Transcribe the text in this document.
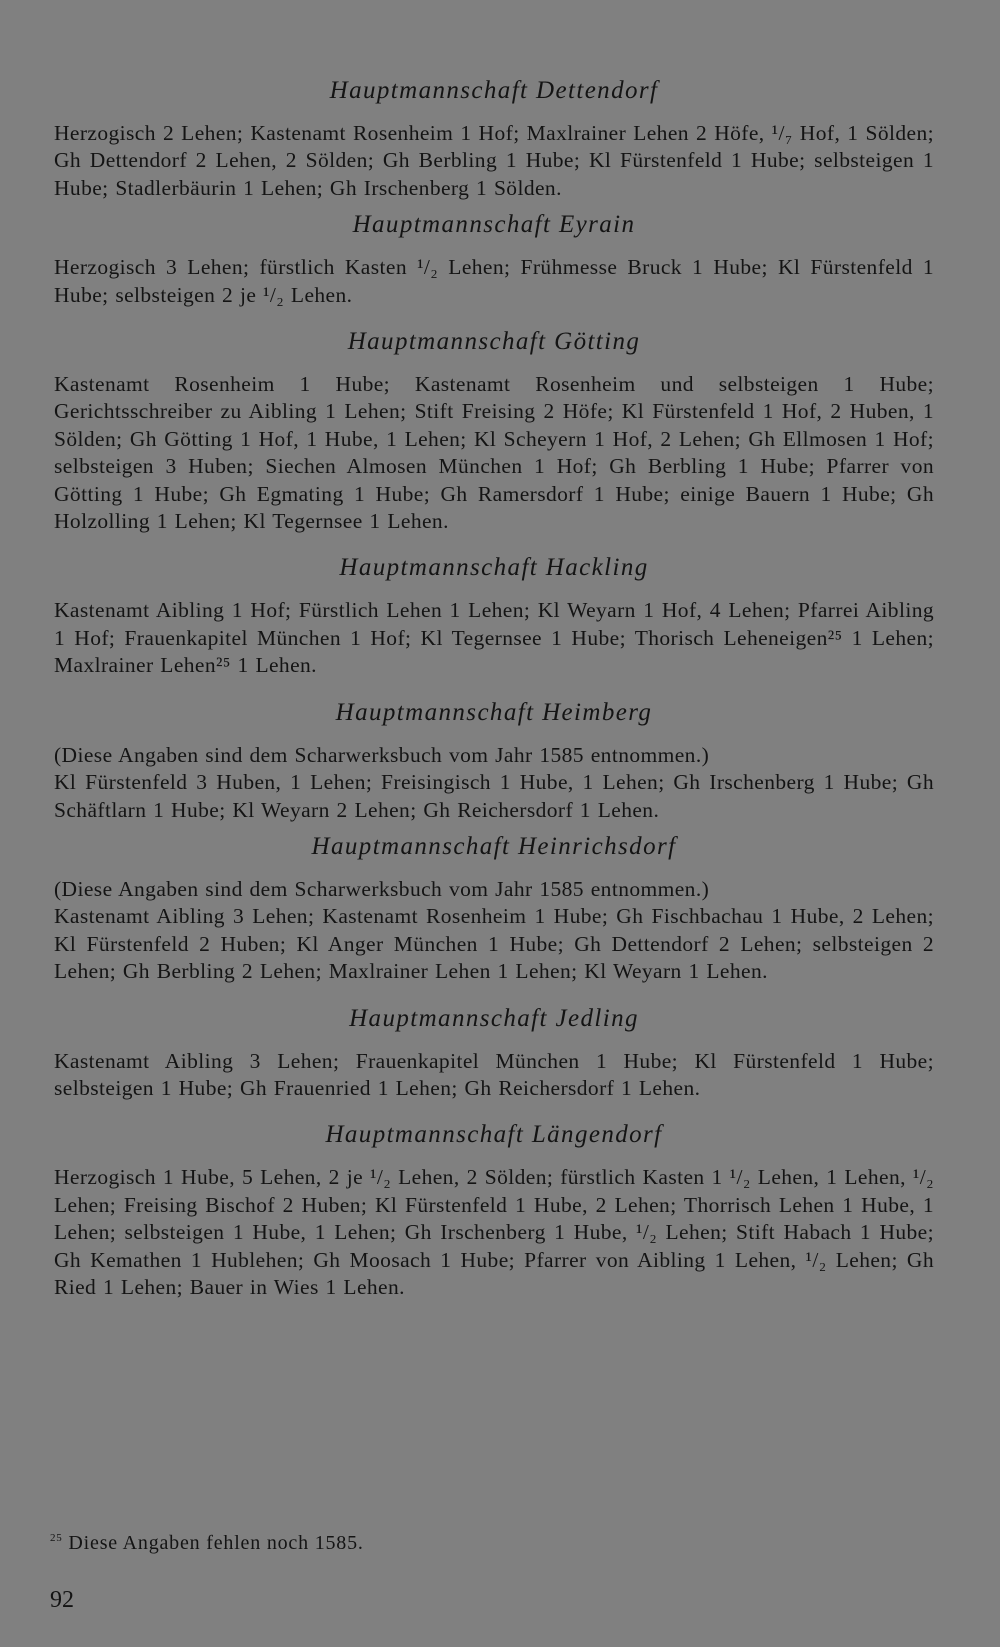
Hauptmannschaft Dettendorf

Herzogisch 2 Lehen; Kastenamt Rosenheim 1 Hof; Maxlrainer Lehen 2 Höfe, ¹/₇ Hof, 1 Sölden; Gh Dettendorf 2 Lehen, 2 Sölden; Gh Berbling 1 Hube; Kl Fürstenfeld 1 Hube; selbsteigen 1 Hube; Stadlerbäurin 1 Lehen; Gh Irschenberg 1 Sölden.

Hauptmannschaft Eyrain

Herzogisch 3 Lehen; fürstlich Kasten ¹/₂ Lehen; Frühmesse Bruck 1 Hube; Kl Fürstenfeld 1 Hube; selbsteigen 2 je ¹/₂ Lehen.

Hauptmannschaft Götting

Kastenamt Rosenheim 1 Hube; Kastenamt Rosenheim und selbsteigen 1 Hube; Gerichtsschreiber zu Aibling 1 Lehen; Stift Freising 2 Höfe; Kl Fürstenfeld 1 Hof, 2 Huben, 1 Sölden; Gh Götting 1 Hof, 1 Hube, 1 Lehen; Kl Scheyern 1 Hof, 2 Lehen; Gh Ellmosen 1 Hof; selbsteigen 3 Huben; Siechen Almosen München 1 Hof; Gh Berbling 1 Hube; Pfarrer von Götting 1 Hube; Gh Egmating 1 Hube; Gh Ramersdorf 1 Hube; einige Bauern 1 Hube; Gh Holzolling 1 Lehen; Kl Tegernsee 1 Lehen.

Hauptmannschaft Hackling

Kastenamt Aibling 1 Hof; Fürstlich Lehen 1 Lehen; Kl Weyarn 1 Hof, 4 Lehen; Pfarrei Aibling 1 Hof; Frauenkapitel München 1 Hof; Kl Tegernsee 1 Hube; Thorisch Leheneigen²⁵ 1 Lehen; Maxlrainer Lehen²⁵ 1 Lehen.

Hauptmannschaft Heimberg

(Diese Angaben sind dem Scharwerksbuch vom Jahr 1585 entnommen.)

Kl Fürstenfeld 3 Huben, 1 Lehen; Freisingisch 1 Hube, 1 Lehen; Gh Irschenberg 1 Hube; Gh Schäftlarn 1 Hube; Kl Weyarn 2 Lehen; Gh Reichersdorf 1 Lehen.

Hauptmannschaft Heinrichsdorf

(Diese Angaben sind dem Scharwerksbuch vom Jahr 1585 entnommen.)

Kastenamt Aibling 3 Lehen; Kastenamt Rosenheim 1 Hube; Gh Fischbachau 1 Hube, 2 Lehen; Kl Fürstenfeld 2 Huben; Kl Anger München 1 Hube; Gh Dettendorf 2 Lehen; selbsteigen 2 Lehen; Gh Berbling 2 Lehen; Maxlrainer Lehen 1 Lehen; Kl Weyarn 1 Lehen.

Hauptmannschaft Jedling

Kastenamt Aibling 3 Lehen; Frauenkapitel München 1 Hube; Kl Fürstenfeld 1 Hube; selbsteigen 1 Hube; Gh Frauenried 1 Lehen; Gh Reichersdorf 1 Lehen.

Hauptmannschaft Längendorf

Herzogisch 1 Hube, 5 Lehen, 2 je ¹/₂ Lehen, 2 Sölden; fürstlich Kasten 1 ¹/₂ Lehen, 1 Lehen, ¹/₂ Lehen; Freising Bischof 2 Huben; Kl Fürstenfeld 1 Hube, 2 Lehen; Thorrisch Lehen 1 Hube, 1 Lehen; selbsteigen 1 Hube, 1 Lehen; Gh Irschenberg 1 Hube, ¹/₂ Lehen; Stift Habach 1 Hube; Gh Kemathen 1 Hublehen; Gh Moosach 1 Hube; Pfarrer von Aibling 1 Lehen, ¹/₂ Lehen; Gh Ried 1 Lehen; Bauer in Wies 1 Lehen.

$^{25}$ Diese Angaben fehlen noch 1585.
92
